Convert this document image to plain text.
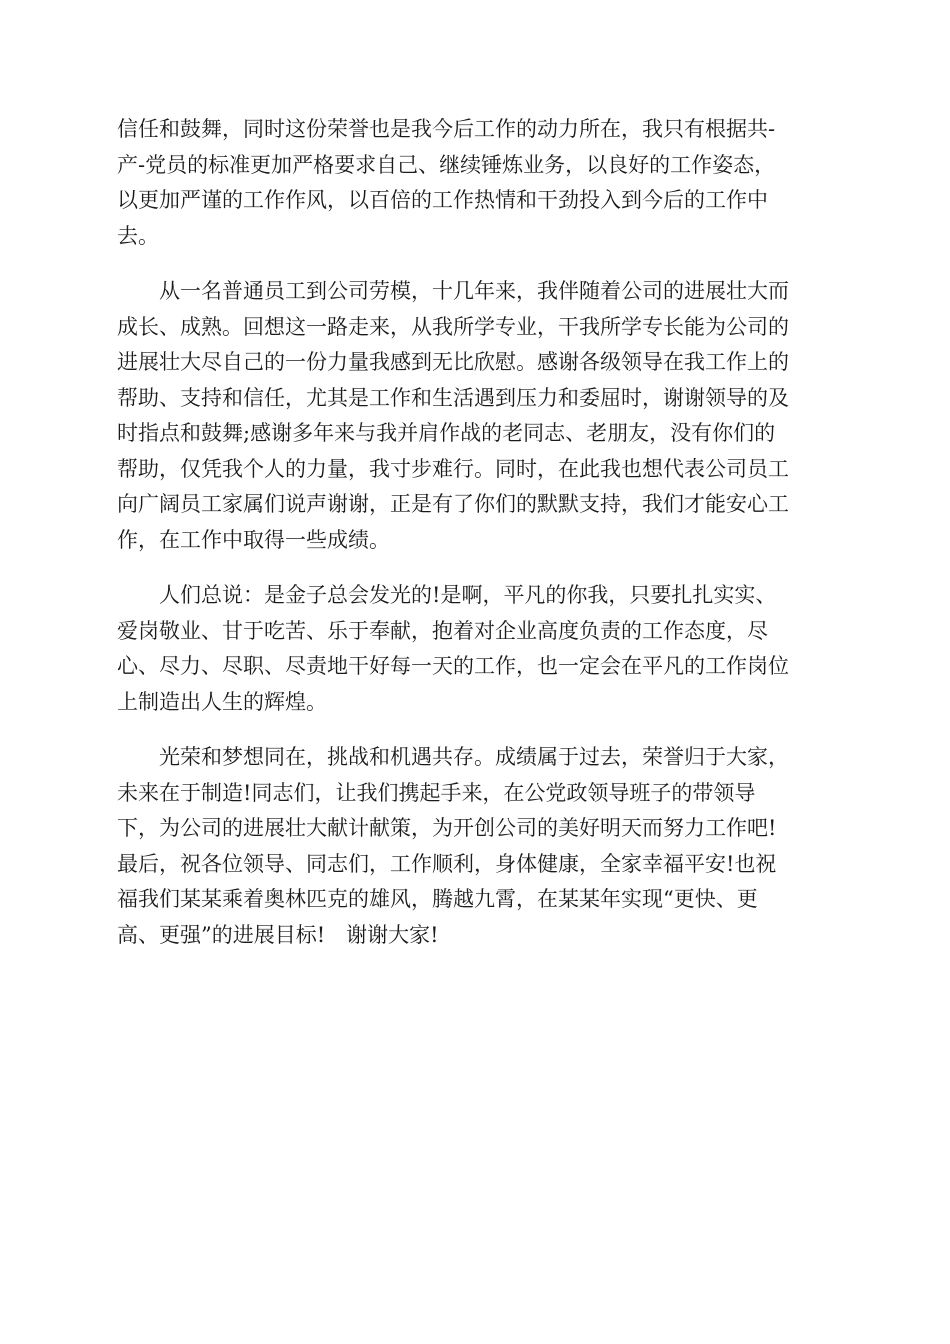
信任和鼓舞，同时这份荣誉也是我今后工作的动力所在，我只有根据共-
产-党员的标准更加严格要求自己、继续锤炼业务，以良好的工作姿态，
以更加严谨的工作作风，以百倍的工作热情和干劲投入到今后的工作中
去。

从一名普通员工到公司劳模，十几年来，我伴随着公司的进展壮大而
成长、成熟。回想这一路走来，从我所学专业，干我所学专长能为公司的
进展壮大尽自己的一份力量我感到无比欣慰。感谢各级领导在我工作上的
帮助、支持和信任，尤其是工作和生活遇到压力和委屈时，谢谢领导的及
时指点和鼓舞;感谢多年来与我并肩作战的老同志、老朋友，没有你们的
帮助，仅凭我个人的力量，我寸步难行。同时，在此我也想代表公司员工
向广阔员工家属们说声谢谢，正是有了你们的默默支持，我们才能安心工
作，在工作中取得一些成绩。

人们总说：是金子总会发光的!是啊，平凡的你我，只要扎扎实实、
爱岗敬业、甘于吃苦、乐于奉献，抱着对企业高度负责的工作态度，尽
心、尽力、尽职、尽责地干好每一天的工作，也一定会在平凡的工作岗位
上制造出人生的辉煌。

光荣和梦想同在，挑战和机遇共存。成绩属于过去，荣誉归于大家，
未来在于制造!同志们，让我们携起手来，在公党政领导班子的带领导
下，为公司的进展壮大献计献策，为开创公司的美好明天而努力工作吧!
最后，祝各位领导、同志们，工作顺利，身体健康，全家幸福平安!也祝
福我们某某乘着奥林匹克的雄风，腾越九霄，在某某年实现“更快、更
高、更强”的进展目标!　谢谢大家!
